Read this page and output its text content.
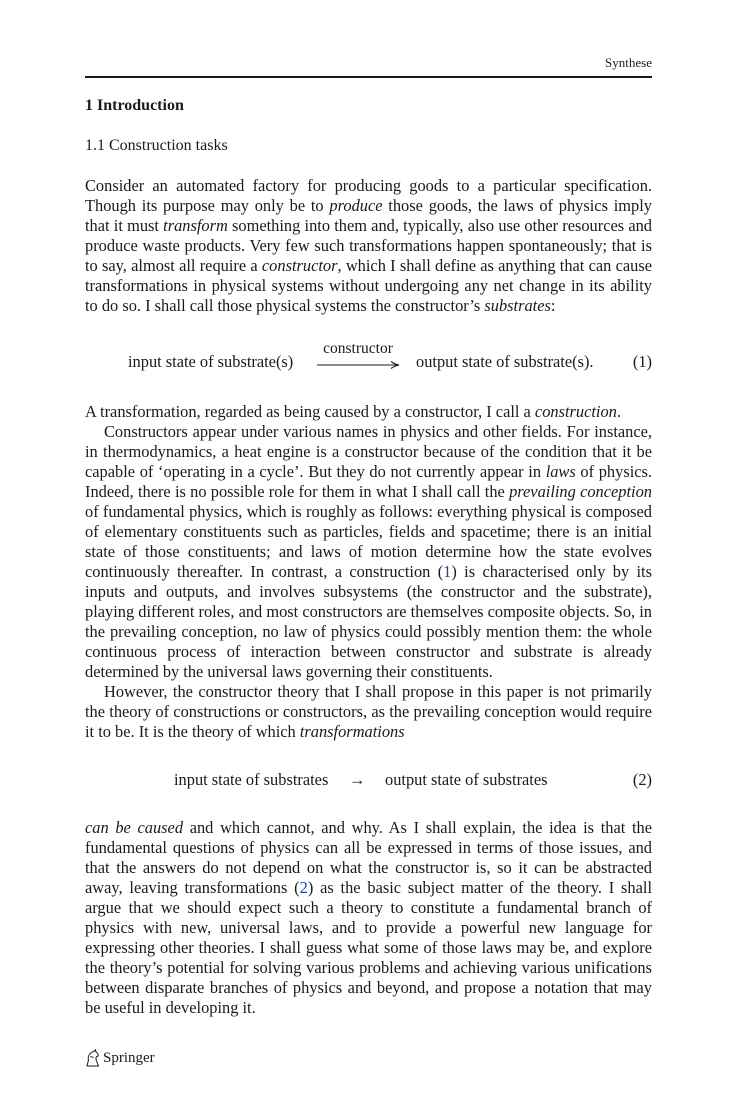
Synthese
1 Introduction
1.1 Construction tasks

Consider an automated factory for producing goods to a particular specification. Though its purpose may only be to produce those goods, the laws of physics imply that it must transform something into them and, typically, also use other resources and produce waste products. Very few such transformations happen spontaneously; that is to say, almost all require a constructor, which I shall define as anything that can cause transformations in physical systems without undergoing any net change in its ability to do so. I shall call those physical systems the constructor’s substrates:

input state of substrate(s)
constructor
output state of substrate(s). (1)

A transformation, regarded as being caused by a constructor, I call a construction.

Constructors appear under various names in physics and other fields. For instance, in thermodynamics, a heat engine is a constructor because of the condition that it be capable of ‘operating in a cycle’. But they do not currently appear in laws of physics. Indeed, there is no possible role for them in what I shall call the prevailing conception of fundamental physics, which is roughly as follows: everything physical is composed of elementary constituents such as particles, fields and spacetime; there is an initial state of those constituents; and laws of motion determine how the state evolves continuously thereafter. In contrast, a construction (1) is characterised only by its inputs and outputs, and involves subsystems (the constructor and the substrate), playing different roles, and most constructors are themselves composite objects. So, in the prevailing conception, no law of physics could possibly mention them: the whole continuous process of interaction between constructor and substrate is already determined by the universal laws governing their constituents.

However, the constructor theory that I shall propose in this paper is not primarily the theory of constructions or constructors, as the prevailing conception would require it to be. It is the theory of which transformations

input state of substrates → output state of substrates	(2)

can be caused and which cannot, and why. As I shall explain, the idea is that the fundamental questions of physics can all be expressed in terms of those issues, and that the answers do not depend on what the constructor is, so it can be abstracted away, leaving transformations (2) as the basic subject matter of the theory. I shall argue that we should expect such a theory to constitute a fundamental branch of physics with new, universal laws, and to provide a powerful new language for expressing other theories. I shall guess what some of those laws may be, and explore the theory’s potential for solving various problems and achieving various unifications between disparate branches of physics and beyond, and propose a notation that may be useful in developing it.

Springer
